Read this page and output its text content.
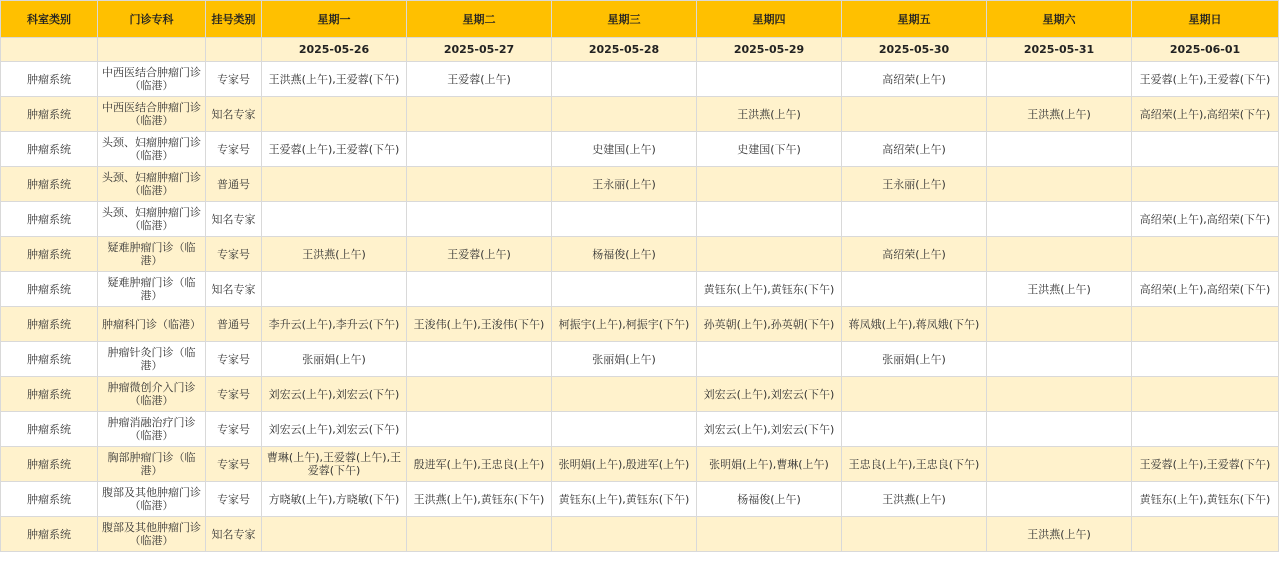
科室类别	门诊专科	挂号类别	星期一	星期二	星期三	星期四	星期五	星期六	星期日
			2025-05-26	2025-05-27	2025-05-28	2025-05-29	2025-05-30	2025-05-31	2025-06-01
肿瘤系统	中西医结合肿瘤门诊（临港）	专家号	王洪燕(上午),王爱蓉(下午)	王爱蓉(上午)			高绍荣(上午)		王爱蓉(上午),王爱蓉(下午)
肿瘤系统	中西医结合肿瘤门诊（临港）	知名专家				王洪燕(上午)		王洪燕(上午)	高绍荣(上午),高绍荣(下午)
肿瘤系统	头颈、妇瘤肿瘤门诊（临港）	专家号	王爱蓉(上午),王爱蓉(下午)		史建国(上午)	史建国(下午)	高绍荣(上午)		
肿瘤系统	头颈、妇瘤肿瘤门诊（临港）	普通号			王永丽(上午)		王永丽(上午)		
肿瘤系统	头颈、妇瘤肿瘤门诊（临港）	知名专家							高绍荣(上午),高绍荣(下午)
肿瘤系统	疑难肿瘤门诊（临港）	专家号	王洪燕(上午)	王爱蓉(上午)	杨福俊(上午)		高绍荣(上午)		
肿瘤系统	疑难肿瘤门诊（临港）	知名专家				黄钰东(上午),黄钰东(下午)		王洪燕(上午)	高绍荣(上午),高绍荣(下午)
肿瘤系统	肿瘤科门诊（临港）	普通号	李升云(上午),李升云(下午)	王浚伟(上午),王浚伟(下午)	柯振宇(上午),柯振宇(下午)	孙英朝(上午),孙英朝(下午)	蒋凤娥(上午),蒋凤娥(下午)		
肿瘤系统	肿瘤针灸门诊（临港）	专家号	张丽娟(上午)		张丽娟(上午)		张丽娟(上午)		
肿瘤系统	肿瘤微创介入门诊（临港）	专家号	刘宏云(上午),刘宏云(下午)			刘宏云(上午),刘宏云(下午)			
肿瘤系统	肿瘤消融治疗门诊（临港）	专家号	刘宏云(上午),刘宏云(下午)			刘宏云(上午),刘宏云(下午)			
肿瘤系统	胸部肿瘤门诊（临港）	专家号	曹琳(上午),王爱蓉(上午),王爱蓉(下午)	殷进军(上午),王忠良(上午)	张明娟(上午),殷进军(上午)	张明娟(上午),曹琳(上午)	王忠良(上午),王忠良(下午)		王爱蓉(上午),王爱蓉(下午)
肿瘤系统	腹部及其他肿瘤门诊（临港）	专家号	方晓敏(上午),方晓敏(下午)	王洪燕(上午),黄钰东(下午)	黄钰东(上午),黄钰东(下午)	杨福俊(上午)	王洪燕(上午)		黄钰东(上午),黄钰东(下午)
肿瘤系统	腹部及其他肿瘤门诊（临港）	知名专家						王洪燕(上午)	
